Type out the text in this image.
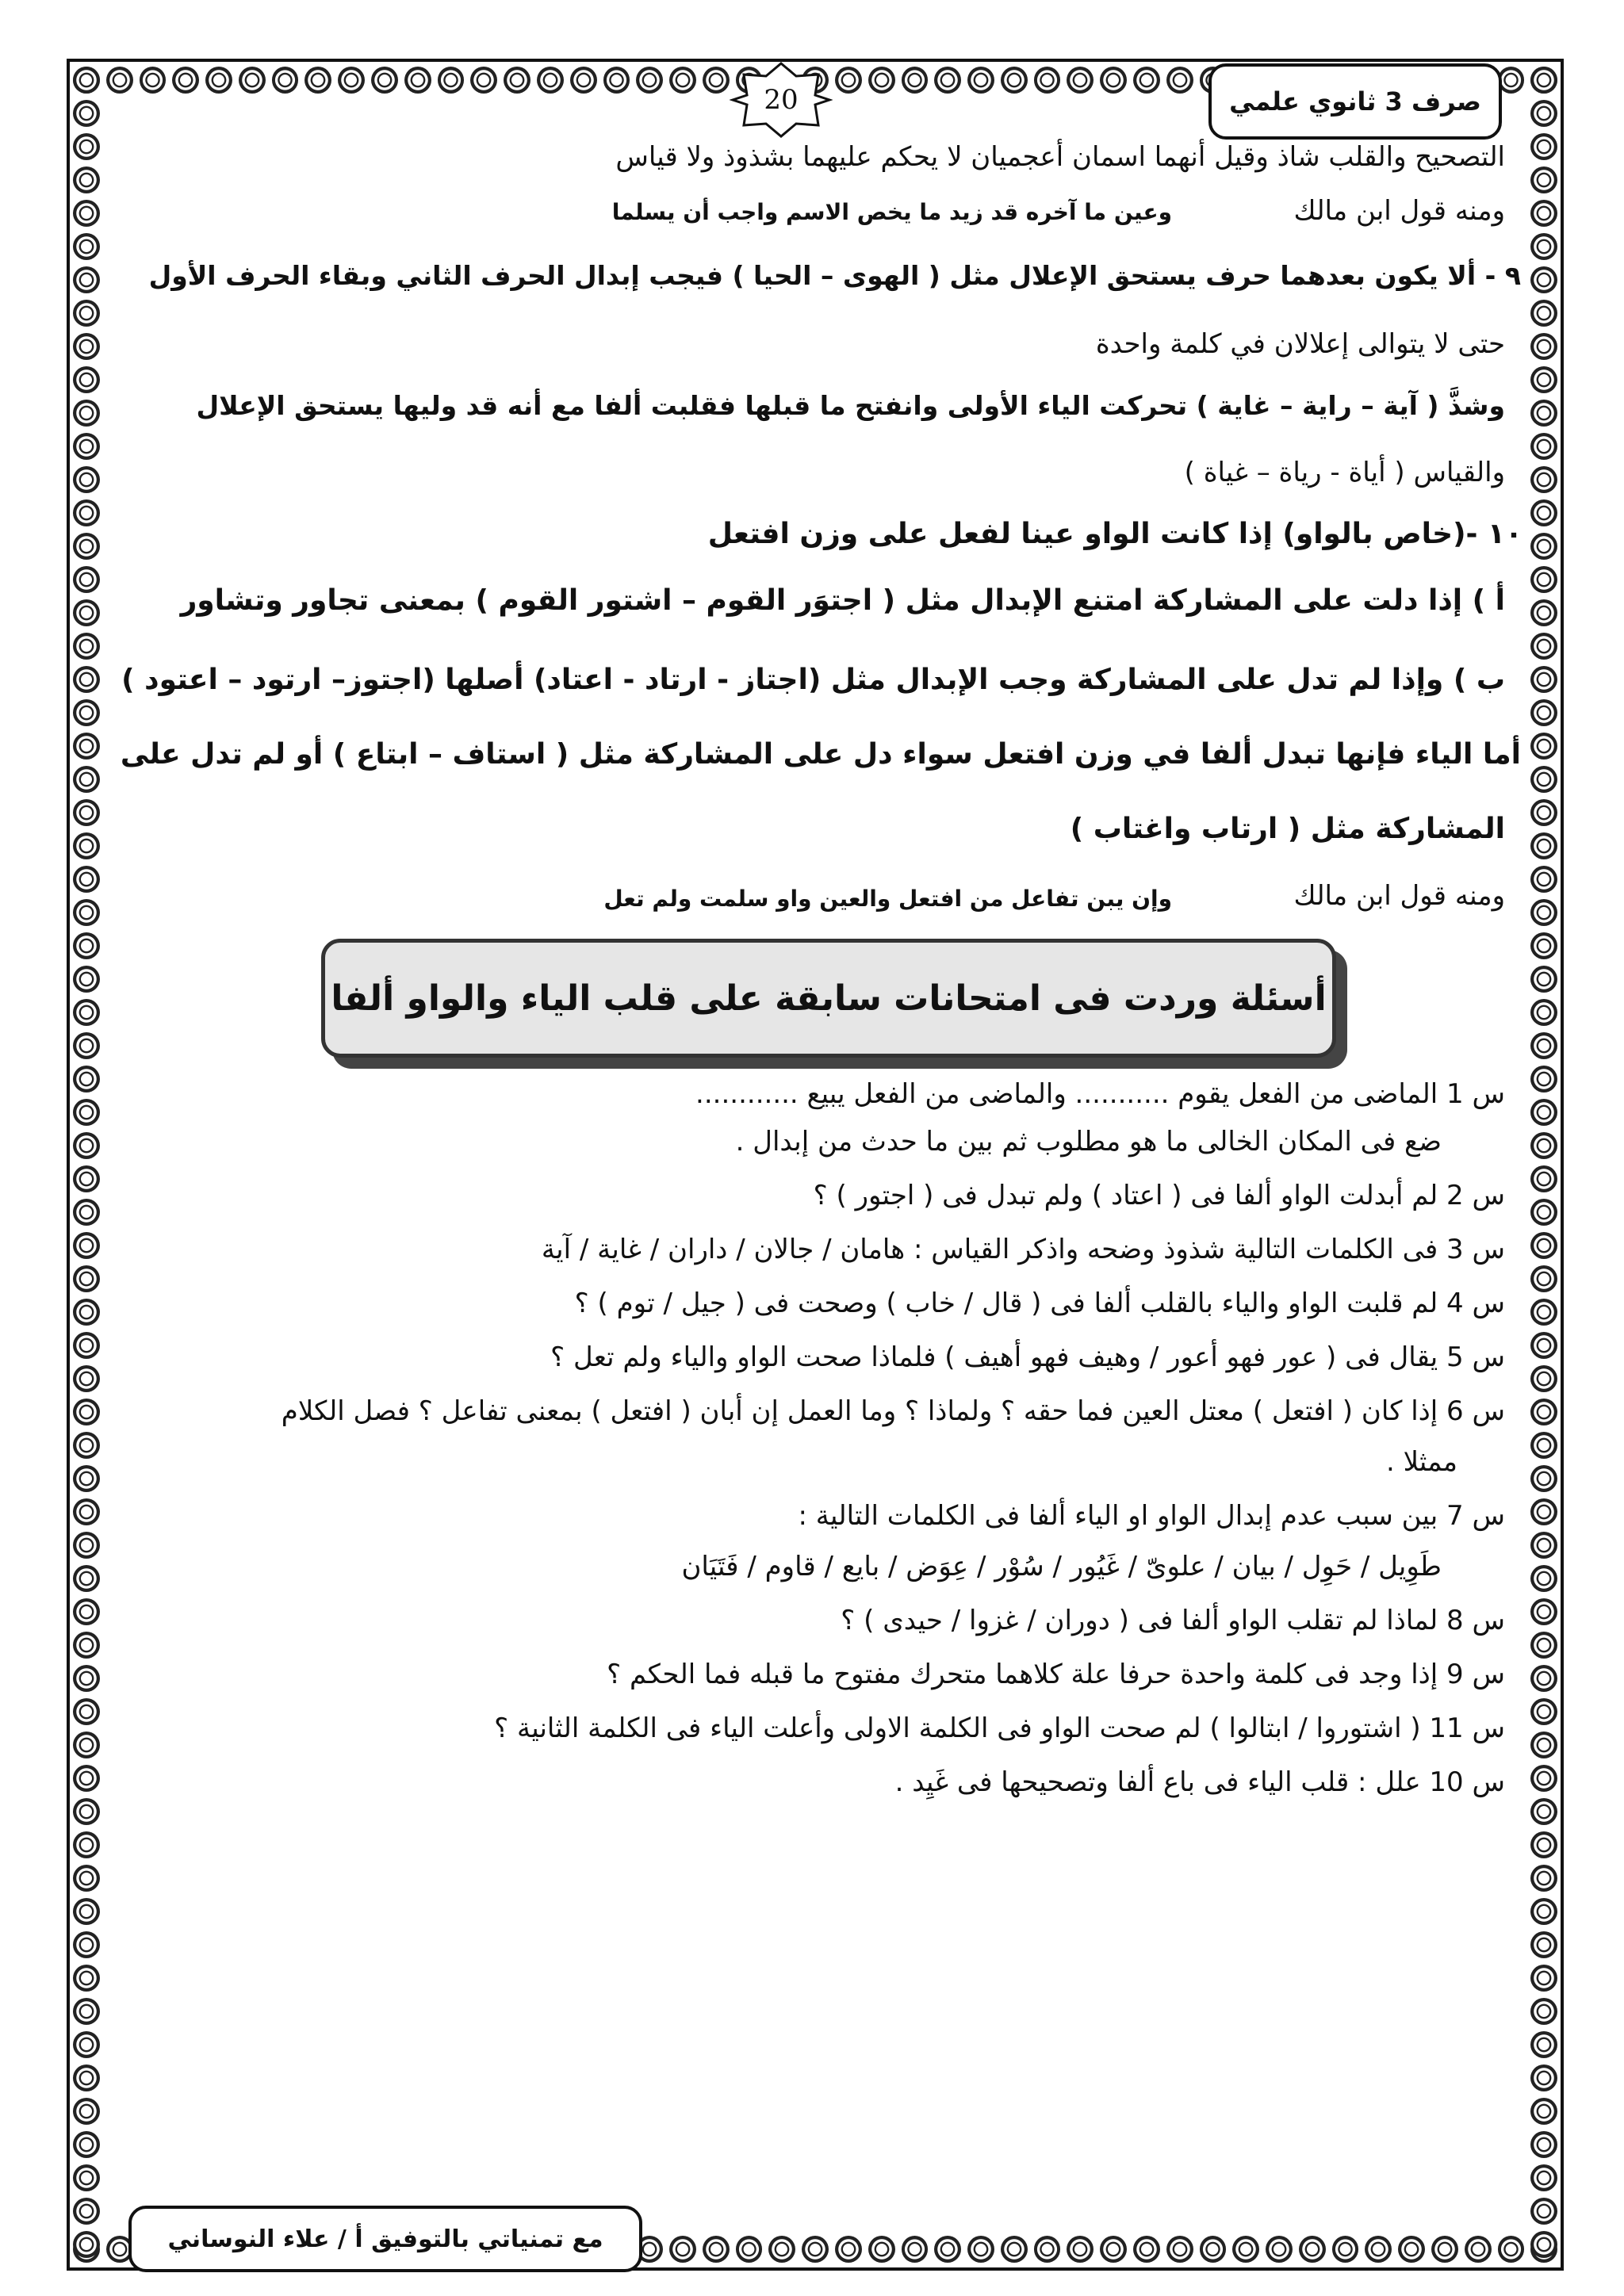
صرف 3 ثانوي علمي
20
التصحيح والقلب شاذ وقيل أنهما اسمان أعجميان لا يحكم عليهما بشذوذ ولا قياس
ومنه قول ابن مالك
وعين ما آخره قد زيد ما يخص الاسم واجب أن يسلما
٩ - ألا يكون بعدهما حرف يستحق الإعلال مثل ( الهوى – الحيا ) فيجب إبدال الحرف الثاني وبقاء الحرف الأول
حتى لا يتوالى إعلالان في كلمة واحدة
وشذَّ ( آية – راية – غاية ) تحركت الياء الأولى وانفتح ما قبلها فقلبت ألفا مع أنه قد وليها يستحق الإعلال
والقياس ( أياة - رياة – غياة )
١٠ -(خاص بالواو) إذا كانت الواو عينا لفعل على وزن افتعل
أ ) إذا دلت على المشاركة امتنع الإبدال مثل ( اجتوَر القوم – اشتور القوم ) بمعنى تجاور وتشاور
ب ) وإذا لم تدل على المشاركة وجب الإبدال مثل (اجتاز - ارتاد - اعتاد) أصلها (اجتوز– ارتود – اعتود )
أما الياء فإنها تبدل ألفا في وزن افتعل سواء دل على المشاركة مثل ( استاف – ابتاع ) أو لم تدل على
المشاركة مثل ( ارتاب واغتاب )
ومنه قول ابن مالك
وإن يبن تفاعل من افتعل والعين واو سلمت ولم تعل
أسئلة وردت فى امتحانات سابقة على قلب الياء والواو ألفا
س 1 الماضى من الفعل يقوم ........... والماضى من الفعل يبيع ............
ضع فى المكان الخالى ما هو مطلوب ثم بين ما حدث من إبدال .
س 2 لم أبدلت الواو ألفا فى ( اعتاد ) ولم تبدل فى ( اجتور ) ؟
س 3 فى الكلمات التالية شذوذ وضحه واذكر القياس : هامان / جالان / داران / غاية / آية
س 4 لم قلبت الواو والياء بالقلب ألفا فى ( قال / خاب ) وصحت فى ( جيل / توم ) ؟
س 5 يقال فى ( عور فهو أعور / وهيف فهو أهيف ) فلماذا صحت الواو والياء ولم تعل ؟
س 6 إذا كان ( افتعل ) معتل العين فما حقه ؟ ولماذا ؟ وما العمل إن أبان ( افتعل ) بمعنى تفاعل ؟ فصل الكلام
ممثلا .
س 7 بين سبب عدم إبدال الواو او الياء ألفا فى الكلمات التالية :
طَوِيل / حَوِل / بيان / علوىّ / غَيُور / سُوْر / عِوَض / بايع / قاوم / فَتَيَان
س 8 لماذا لم تقلب الواو ألفا فى ( دوران / غزوا / حيدى ) ؟
س 9 إذا وجد فى كلمة واحدة حرفا علة كلاهما متحرك مفتوح ما قبله فما الحكم ؟
س 11 ( اشتوروا / ابتالوا ) لم صحت الواو فى الكلمة الاولى وأعلت الياء فى الكلمة الثانية ؟
س 10 علل : قلب الياء فى باع ألفا وتصحيحها فى غَيِد .
مع تمنياتي بالتوفيق أ / علاء النوساني
